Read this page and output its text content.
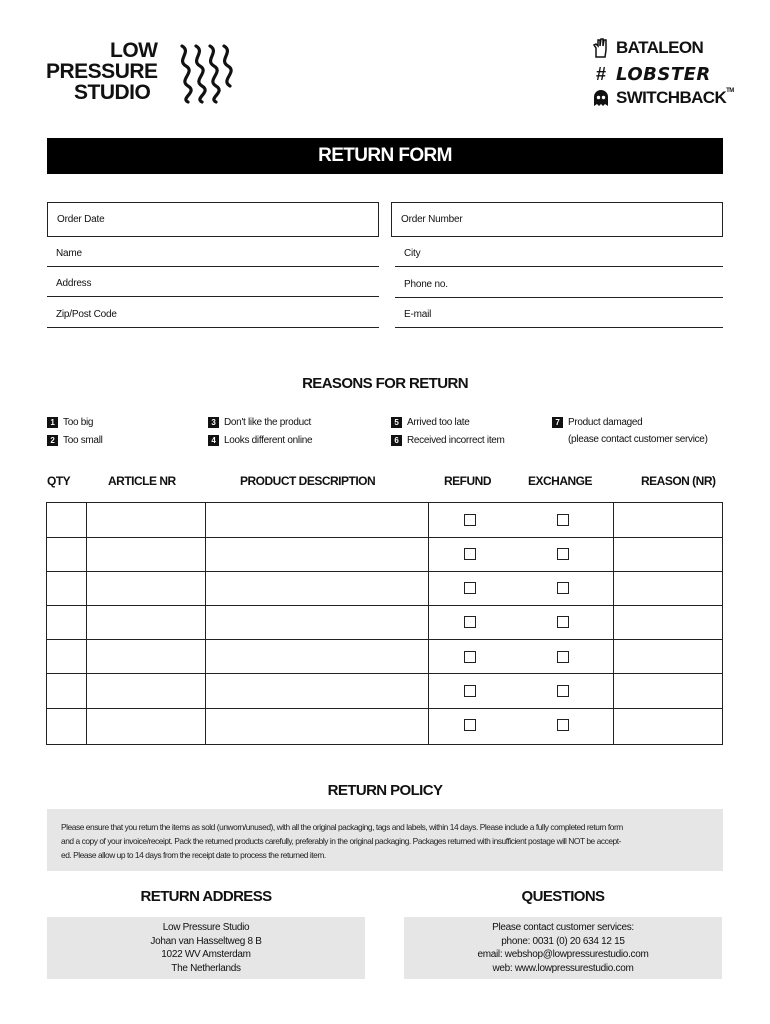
LOW
PRESSURE
STUDIO
BATALEON
# LOBSTER
SWITCHBACK™
RETURN FORM
Order Date	Order Number
Name	City
Address	Phone no.
Zip/Post Code	E-mail
REASONS FOR RETURN
1 Too big
2 Too small
3 Don't like the product
4 Looks different online
5 Arrived too late
6 Received incorrect item
7 Product damaged
(please contact customer service)
QTY	ARTICLE NR	PRODUCT DESCRIPTION	REFUND	EXCHANGE	REASON (NR)
RETURN POLICY
Please ensure that you return the items as sold (unworn/unused), with all the original packaging, tags and labels, within 14 days. Please include a fully completed return form
and a copy of your invoice/receipt. Pack the returned products carefully, preferably in the original packaging. Packages returned with insufficient postage will NOT be accept-
ed. Please allow up to 14 days from the receipt date to process the returned item.
RETURN ADDRESS
Low Pressure Studio
Johan van Hasseltweg 8 B
1022 WV Amsterdam
The Netherlands
QUESTIONS
Please contact customer services:
phone: 0031 (0) 20 634 12 15
email: webshop@lowpressurestudio.com
web: www.lowpressurestudio.com
